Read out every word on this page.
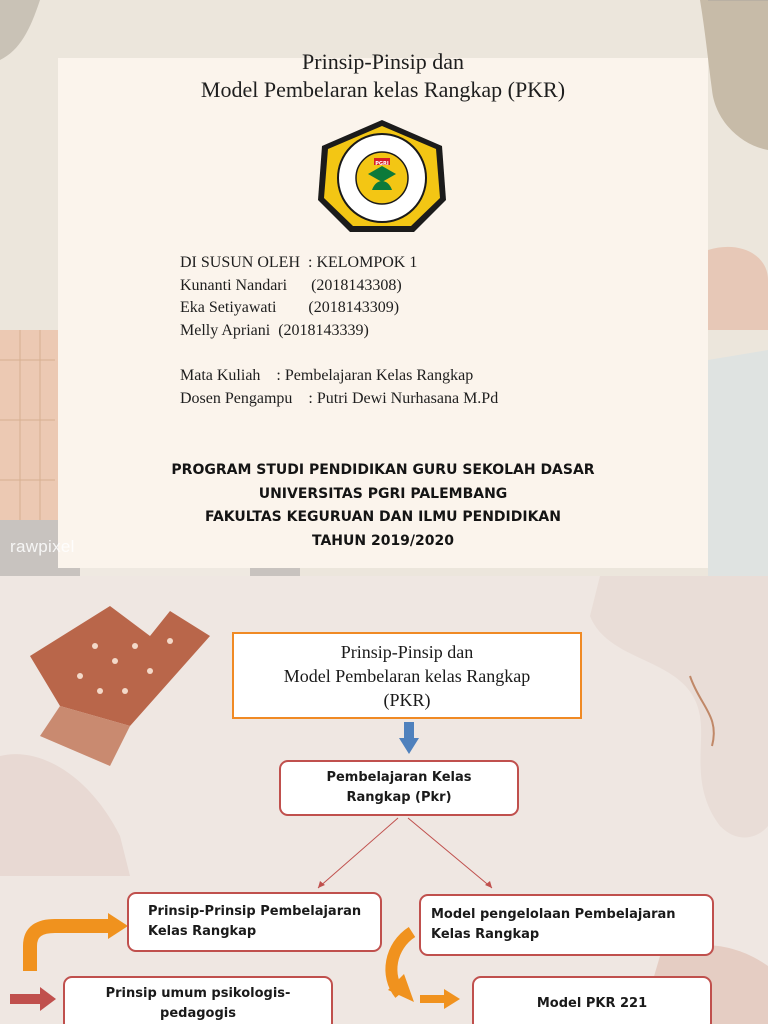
Prinsip-Pinsip dan
Model Pembelaran kelas Rangkap (PKR)
PGRI
DI SUSUN OLEH  : KELOMPOK 1
Kunanti Nandari      (2018143308)
Eka Setiyawati        (2018143309)
Melly Apriani  (2018143339)
Mata Kuliah    : Pembelajaran Kelas Rangkap
Dosen Pengampu    : Putri Dewi Nurhasana M.Pd
PROGRAM STUDI PENDIDIKAN GURU SEKOLAH DASAR
UNIVERSITAS PGRI PALEMBANG
FAKULTAS KEGURUAN DAN ILMU PENDIDIKAN
TAHUN 2019/2020
rawpixel
Prinsip-Pinsip dan
Model Pembelaran kelas Rangkap
(PKR)
Pembelajaran Kelas
Rangkap (Pkr)
Prinsip-Prinsip Pembelajaran
Kelas Rangkap
Model pengelolaan Pembelajaran
Kelas Rangkap
Prinsip umum psikologis-
pedagogis
Model PKR 221
